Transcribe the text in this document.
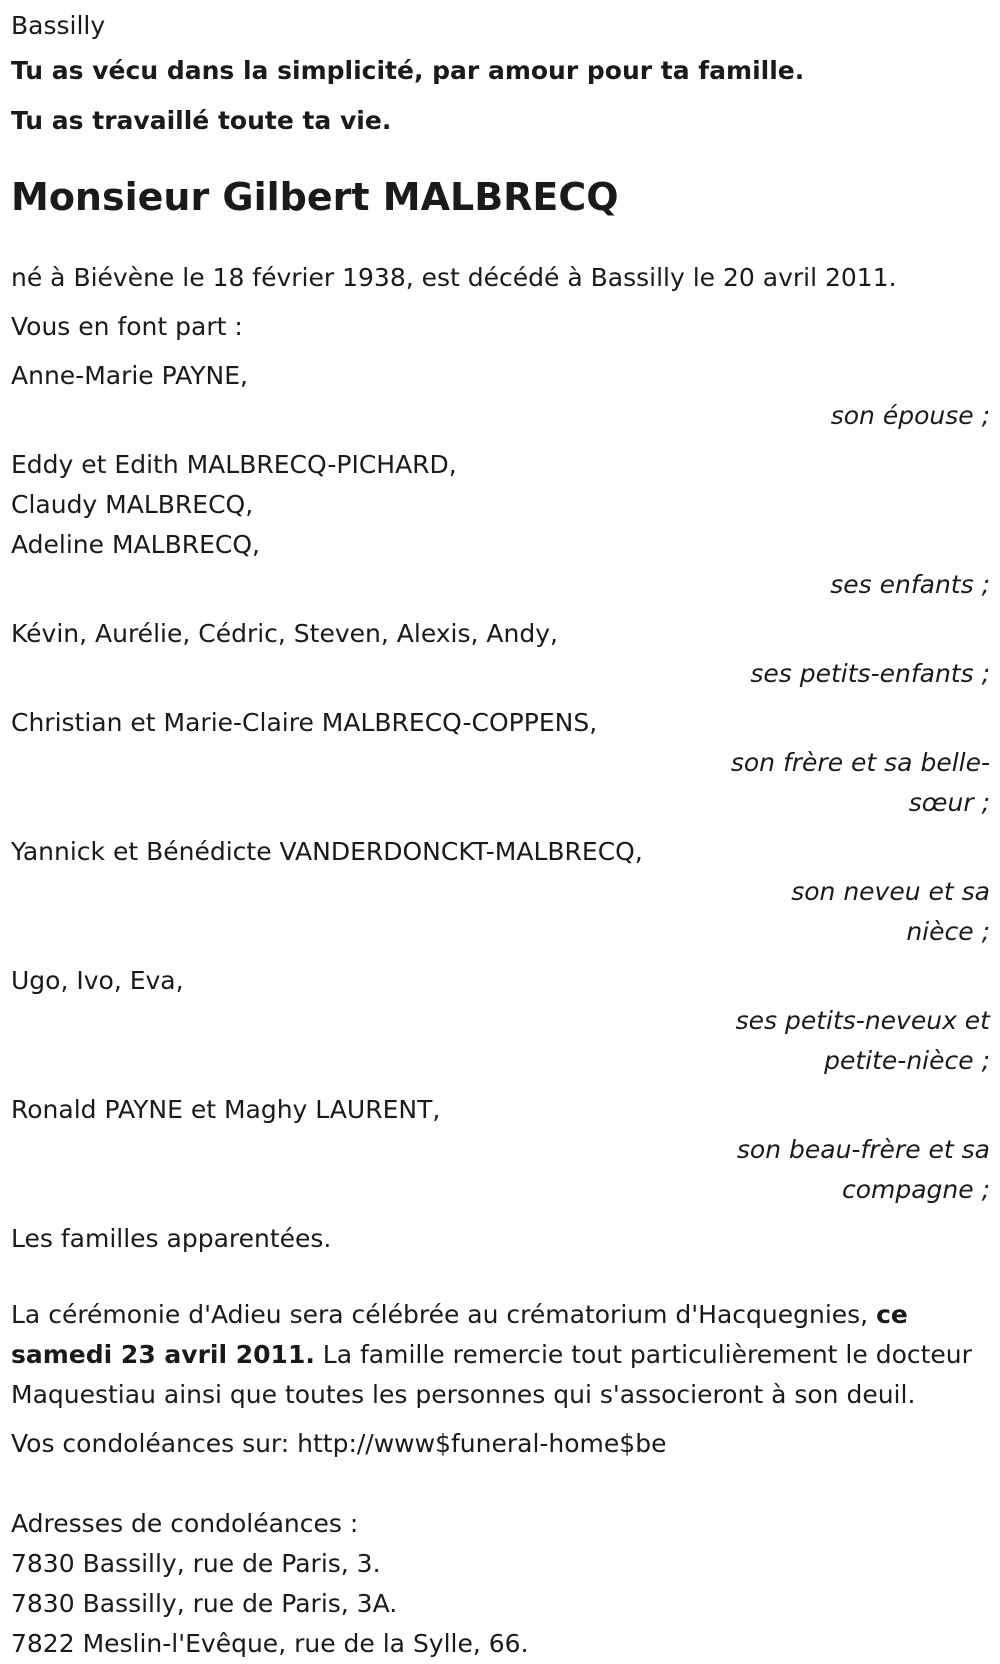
Bassilly

Tu as vécu dans la simplicité, par amour pour ta famille.

Tu as travaillé toute ta vie.

Monsieur Gilbert MALBRECQ

né à Biévène le 18 février 1938, est décédé à Bassilly le 20 avril 2011.

Vous en font part :

Anne-Marie PAYNE,

son épouse ;

Eddy et Edith MALBRECQ-PICHARD,

Claudy MALBRECQ,

Adeline MALBRECQ,

ses enfants ;

Kévin, Aurélie, Cédric, Steven, Alexis, Andy,

ses petits-enfants ;

Christian et Marie-Claire MALBRECQ-COPPENS,

son frère et sa belle-sœur ;

Yannick et Bénédicte VANDERDONCKT-MALBRECQ,

son neveu et sa nièce ;

Ugo, Ivo, Eva,

ses petits-neveux et petite-nièce ;

Ronald PAYNE et Maghy LAURENT,

son beau-frère et sa compagne ;

Les familles apparentées.

La cérémonie d'Adieu sera célébrée au crématorium d'Hacquegnies, ce samedi 23 avril 2011. La famille remercie tout particulièrement le docteur Maquestiau ainsi que toutes les personnes qui s'associeront à son deuil.

Vos condoléances sur: http://www$funeral-home$be

Adresses de condoléances :

7830 Bassilly, rue de Paris, 3.

7830 Bassilly, rue de Paris, 3A.

7822 Meslin-l'Evêque, rue de la Sylle, 66.
